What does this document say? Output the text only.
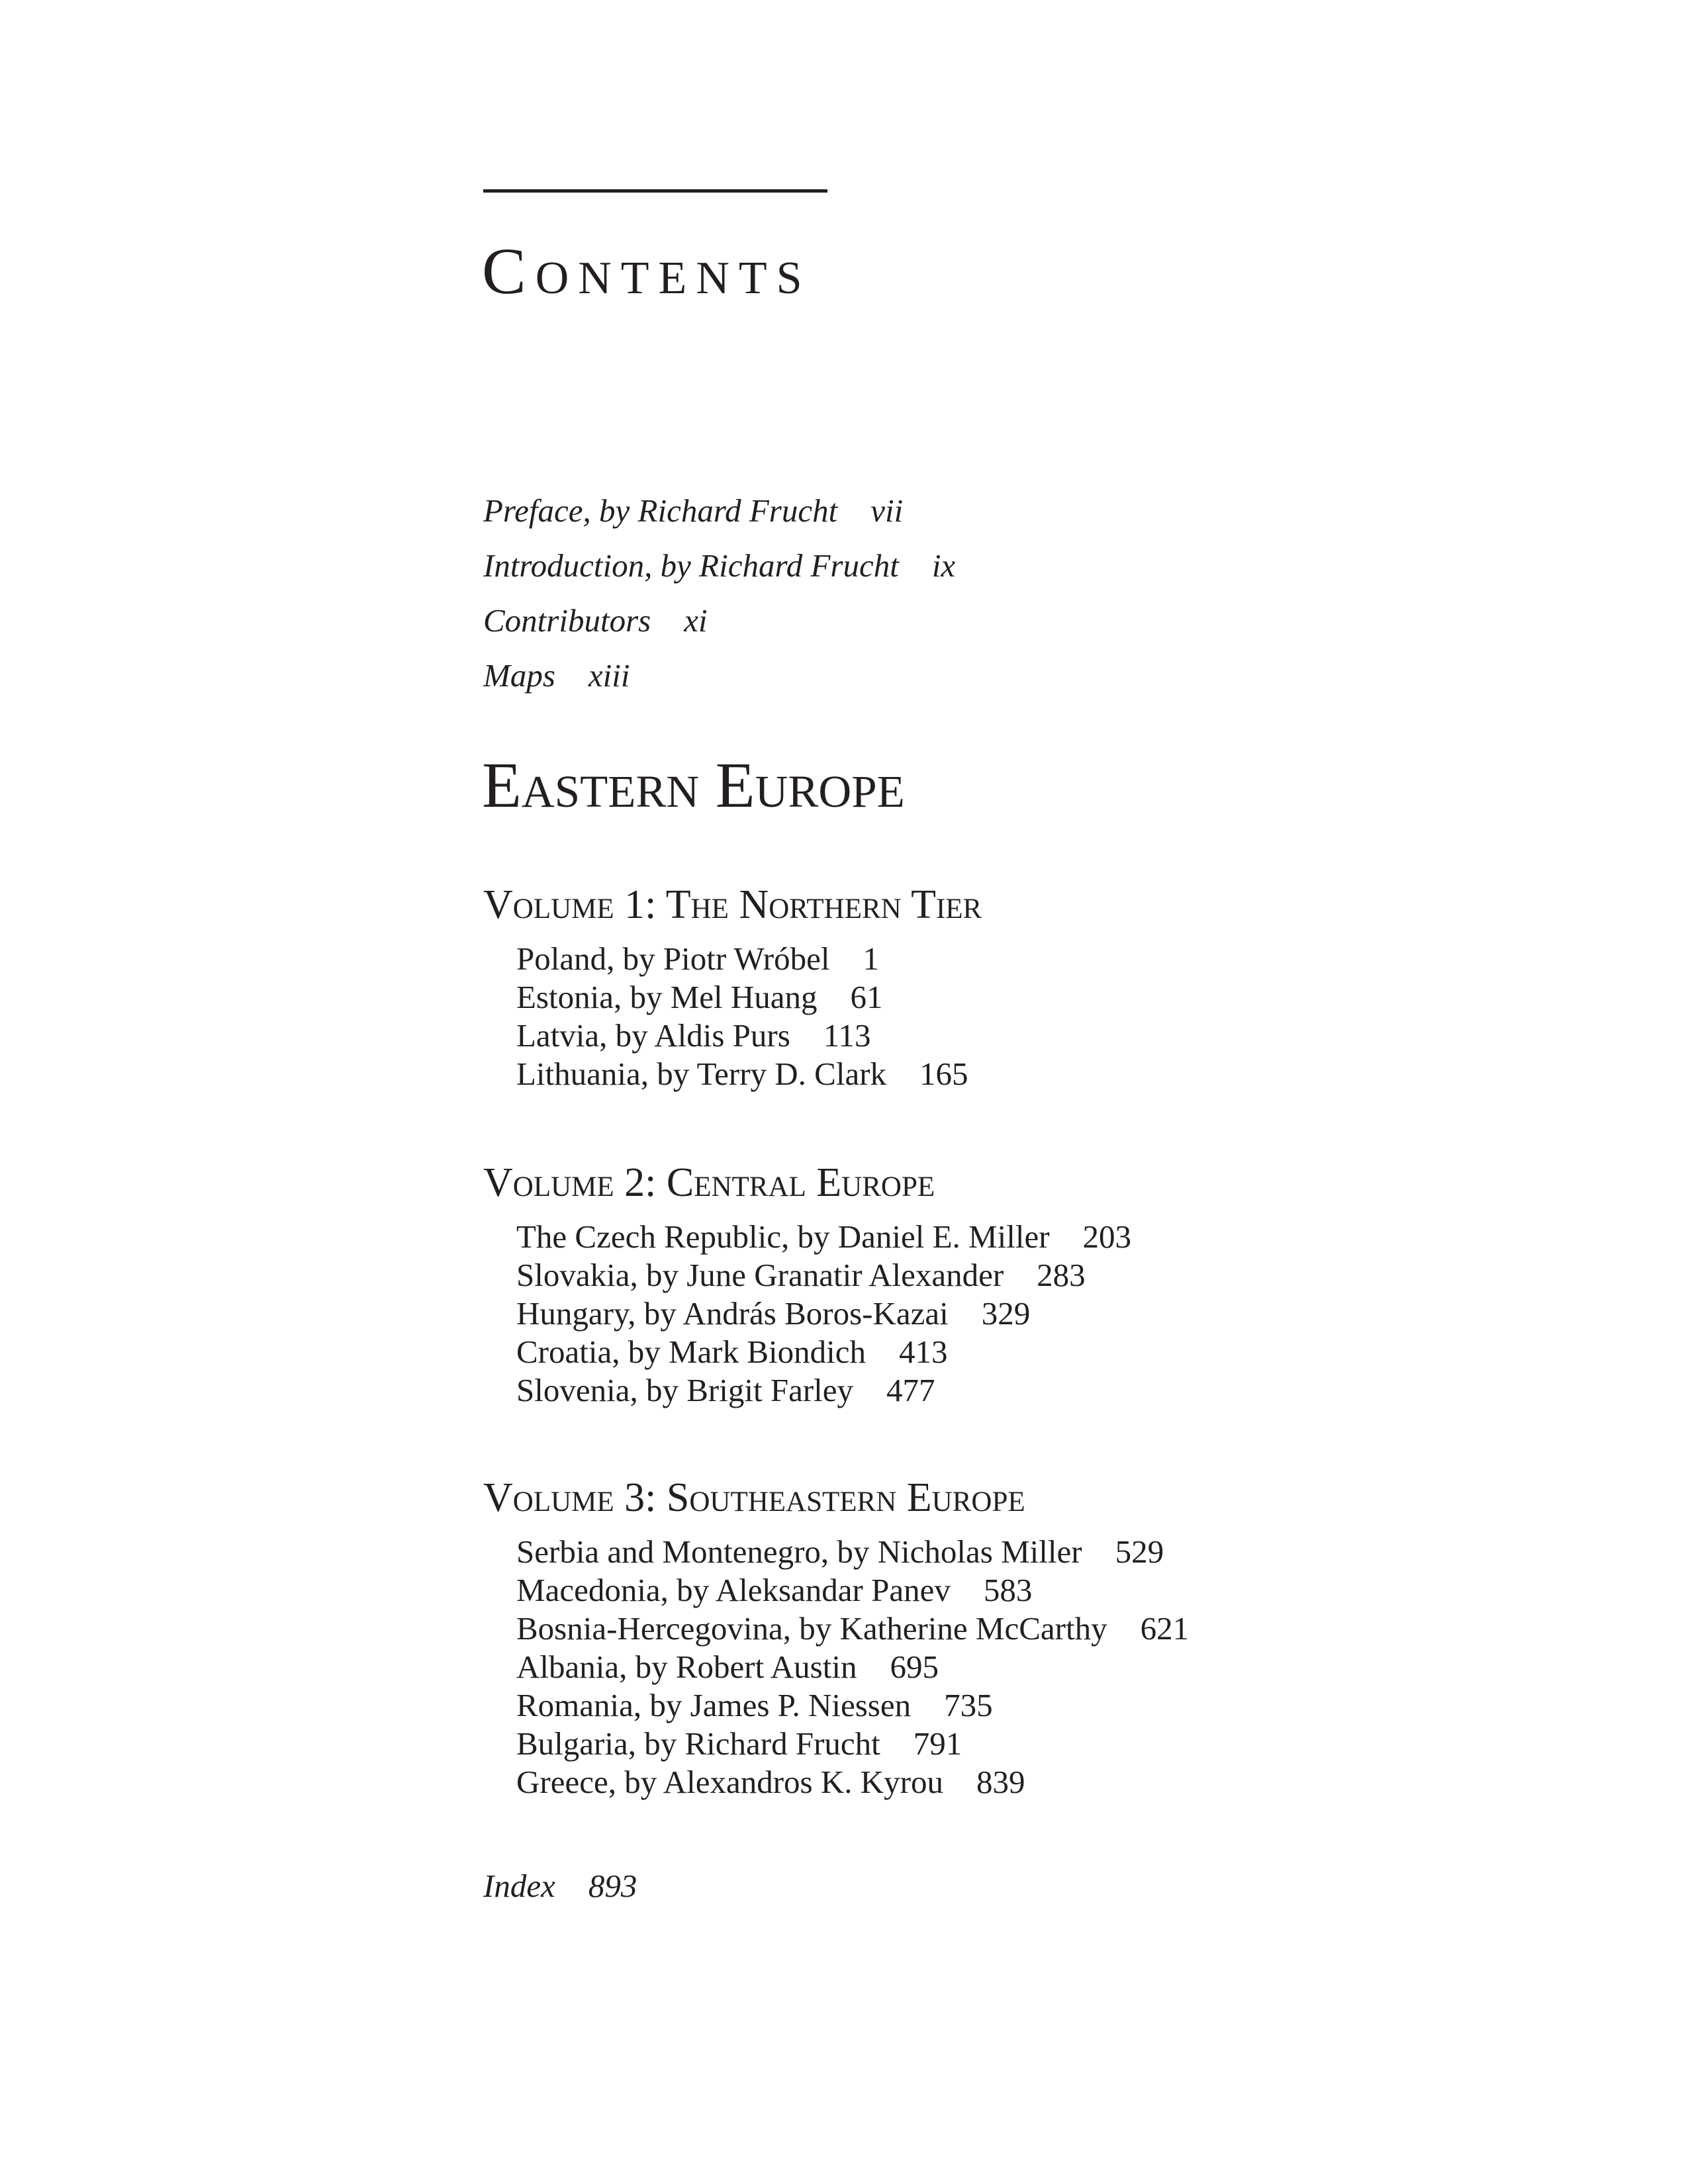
Contents
Preface, by Richard Frucht vii
Introduction, by Richard Frucht ix
Contributors xi
Maps xiii
Eastern Europe
Volume 1: The Northern Tier
Poland, by Piotr Wróbel 1
Estonia, by Mel Huang 61
Latvia, by Aldis Purs 113
Lithuania, by Terry D. Clark 165
Volume 2: Central Europe
The Czech Republic, by Daniel E. Miller 203
Slovakia, by June Granatir Alexander 283
Hungary, by András Boros-Kazai 329
Croatia, by Mark Biondich 413
Slovenia, by Brigit Farley 477
Volume 3: Southeastern Europe
Serbia and Montenegro, by Nicholas Miller 529
Macedonia, by Aleksandar Panev 583
Bosnia-Hercegovina, by Katherine McCarthy 621
Albania, by Robert Austin 695
Romania, by James P. Niessen 735
Bulgaria, by Richard Frucht 791
Greece, by Alexandros K. Kyrou 839
Index 893
